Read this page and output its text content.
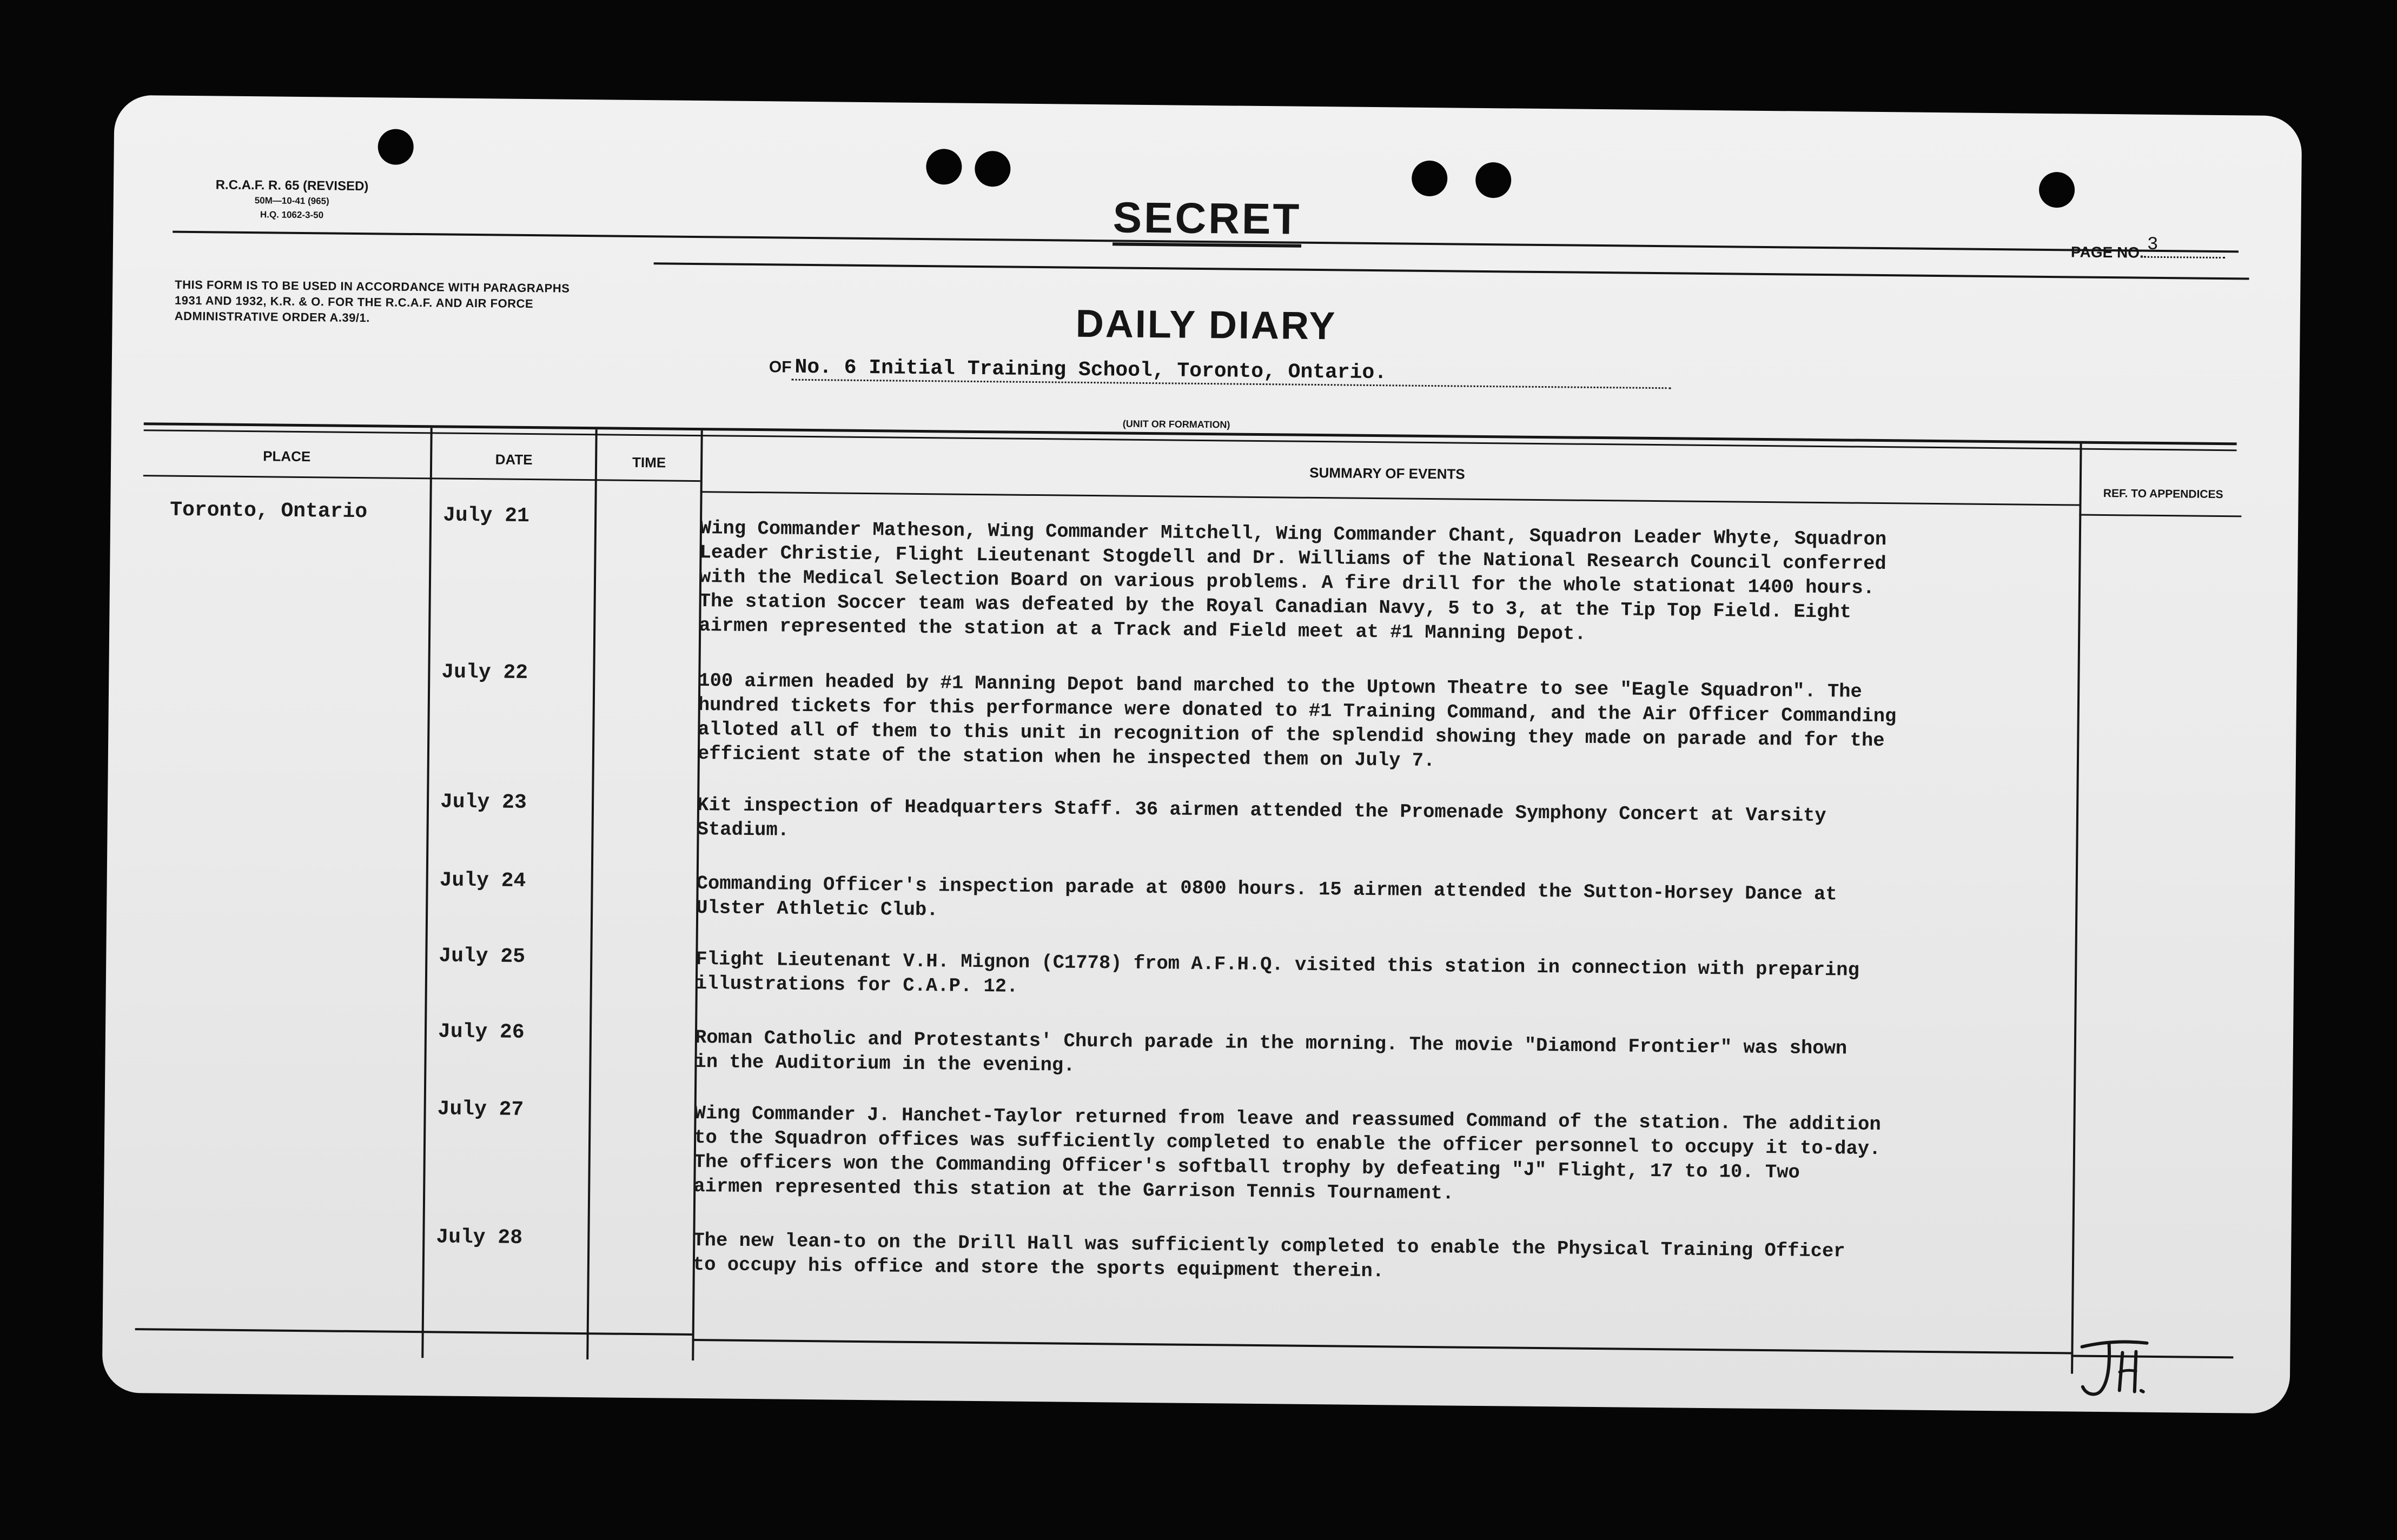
R.C.A.F. R. 65 (REVISED)
50M—10-41 (965)
H.Q. 1062-3-50	SECRET
PAGE NO. 3
THIS FORM IS TO BE USED IN ACCORDANCE WITH PARAGRAPHS 1931 AND 1932, K.R. & O. FOR THE R.C.A.F. AND AIR FORCE ADMINISTRATIVE ORDER A.39/1.	DAILY DIARY
OF No. 6 Initial Training School, Toronto, Ontario.
(UNIT OR FORMATION)
PLACE	DATE	TIME
SUMMARY OF EVENTS
REF. TO APPENDICES
Toronto, Ontario	July 21
Wing Commander Matheson, Wing Commander Mitchell, Wing Commander Chant, Squadron Leader Whyte, Squadron
Leader Christie, Flight Lieutenant Stogdell and Dr. Williams of the National Research Council conferred
with the Medical Selection Board on various problems. A fire drill for the whole stationat 1400 hours.
The station Soccer team was defeated by the Royal Canadian Navy, 5 to 3, at the Tip Top Field. Eight
airmen represented the station at a Track and Field meet at #1 Manning Depot.
July 22	100 airmen headed by #1 Manning Depot band marched to the Uptown Theatre to see "Eagle Squadron". The
hundred tickets for this performance were donated to #1 Training Command, and the Air Officer Commanding
alloted all of them to this unit in recognition of the splendid showing they made on parade and for the
efficient state of the station when he inspected them on July 7.
July 23	Kit inspection of Headquarters Staff. 36 airmen attended the Promenade Symphony Concert at Varsity
Stadium.
July 24	Commanding Officer's inspection parade at 0800 hours. 15 airmen attended the Sutton-Horsey Dance at
Ulster Athletic Club.
July 25	Flight Lieutenant V.H. Mignon (C1778) from A.F.H.Q. visited this station in connection with preparing
illustrations for C.A.P. 12.
July 26	Roman Catholic and Protestants' Church parade in the morning. The movie "Diamond Frontier" was shown
in the Auditorium in the evening.
July 27	Wing Commander J. Hanchet-Taylor returned from leave and reassumed Command of the station. The addition
to the Squadron offices was sufficiently completed to enable the officer personnel to occupy it to-day.
The officers won the Commanding Officer's softball trophy by defeating "J" Flight, 17 to 10. Two
airmen represented this station at the Garrison Tennis Tournament.
July 28	The new lean-to on the Drill Hall was sufficiently completed to enable the Physical Training Officer
to occupy his office and store the sports equipment therein.
